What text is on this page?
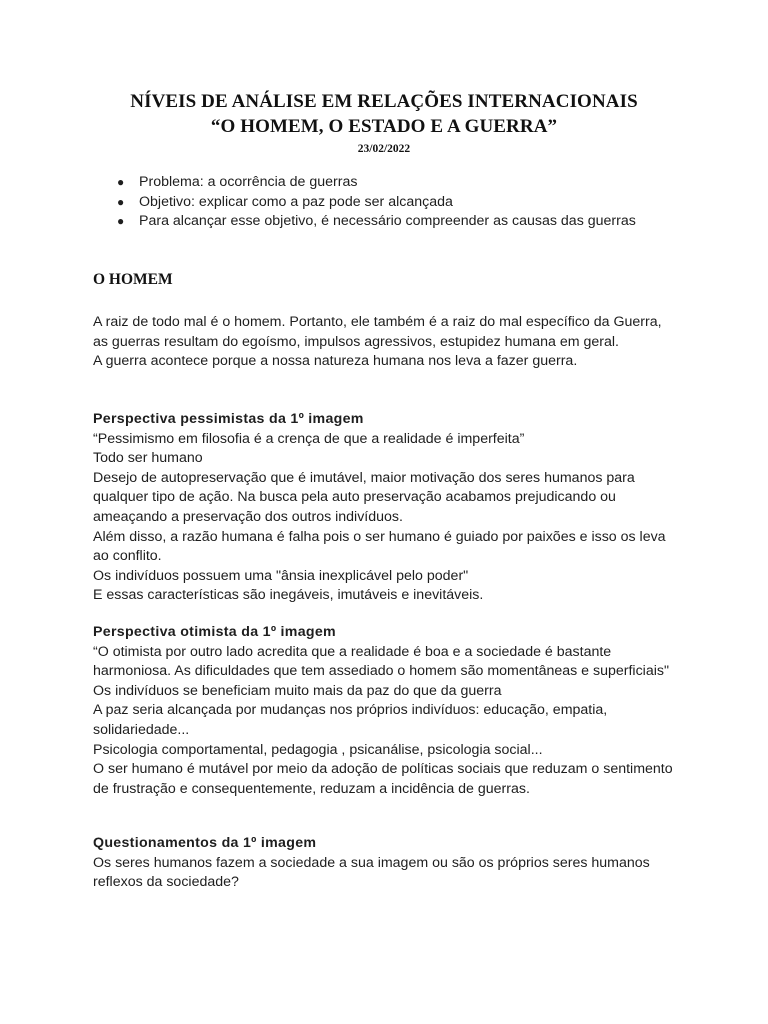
NÍVEIS DE ANÁLISE EM RELAÇÕES INTERNACIONAIS
“O HOMEM, O ESTADO E A GUERRA”
23/02/2022
● Problema: a ocorrência de guerras
● Objetivo: explicar como a paz pode ser alcançada
● Para alcançar esse objetivo, é necessário compreender as causas das guerras
O HOMEM

A raiz de todo mal é o homem. Portanto, ele também é a raiz do mal específico da Guerra, as guerras resultam do egoísmo, impulsos agressivos, estupidez humana em geral.

A guerra acontece porque a nossa natureza humana nos leva a fazer guerra.

Perspectiva pessimistas da 1º imagem

“Pessimismo em filosofia é a crença de que a realidade é imperfeita”

Todo ser humano

Desejo de autopreservação que é imutável, maior motivação dos seres humanos para qualquer tipo de ação. Na busca pela auto preservação acabamos prejudicando ou ameaçando a preservação dos outros indivíduos.

Além disso, a razão humana é falha pois o ser humano é guiado por paixões e isso os leva ao conflito.

Os indivíduos possuem uma "ânsia inexplicável pelo poder"

E essas características são inegáveis, imutáveis e inevitáveis.

Perspectiva otimista da 1º imagem

“O otimista por outro lado acredita que a realidade é boa e a sociedade é bastante harmoniosa. As dificuldades que tem assediado o homem são momentâneas e superficiais"

Os indivíduos se beneficiam muito mais da paz do que da guerra

A paz seria alcançada por mudanças nos próprios indivíduos: educação, empatia, solidariedade...

Psicologia comportamental, pedagogia , psicanálise, psicologia social...

O ser humano é mutável por meio da adoção de políticas sociais que reduzam o sentimento de frustração e consequentemente, reduzam a incidência de guerras.

Questionamentos da 1º imagem

Os seres humanos fazem a sociedade a sua imagem ou são os próprios seres humanos reflexos da sociedade?
